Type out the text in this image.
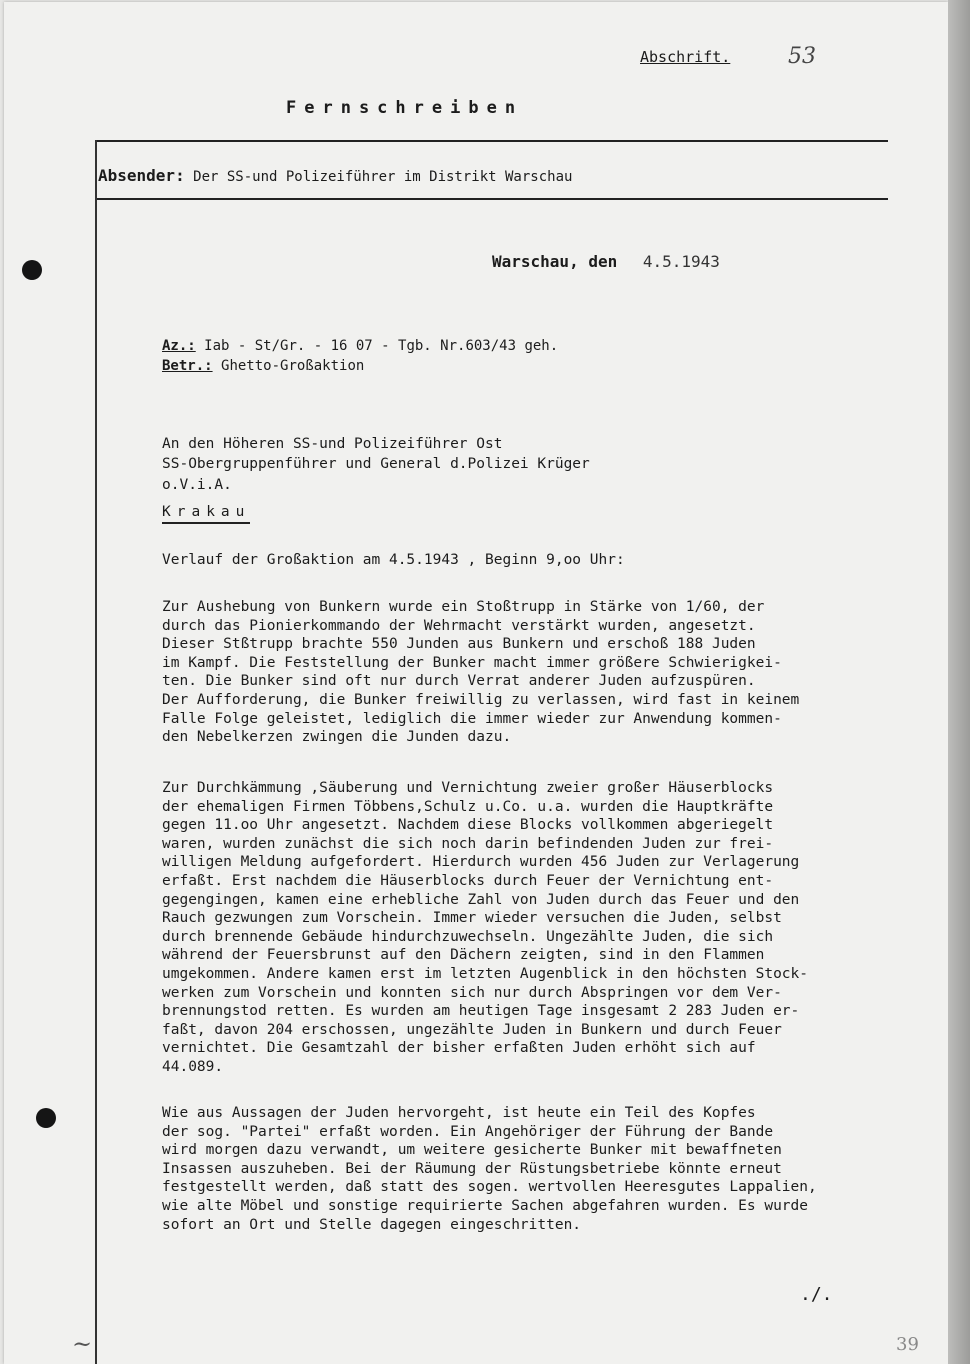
Abschrift.	53
Fernschreiben
Absender: Der SS-und Polizeiführer im Distrikt Warschau
Warschau, den 4.5.1943
Az.: Iab - St/Gr. - 16 07 - Tgb. Nr.603/43 geh.
Betr.: Ghetto-Großaktion
An den Höheren SS-und Polizeiführer Ost
SS-Obergruppenführer und General d.Polizei Krüger
o.V.i.A.
Krakau
Verlauf der Großaktion am 4.5.1943 , Beginn 9,oo Uhr:
Zur Aushebung von Bunkern wurde ein Stoßtrupp in Stärke von 1/60, der
durch das Pionierkommando der Wehrmacht verstärkt wurden, angesetzt.
Dieser Stßtrupp brachte 550 Junden aus Bunkern und erschoß 188 Juden
im Kampf. Die Feststellung der Bunker macht immer größere Schwierigkei-
ten. Die Bunker sind oft nur durch Verrat anderer Juden aufzuspüren.
Der Aufforderung, die Bunker freiwillig zu verlassen, wird fast in keinem
Falle Folge geleistet, lediglich die immer wieder zur Anwendung kommen-
den Nebelkerzen zwingen die Junden dazu.
Zur Durchkämmung ,Säuberung und Vernichtung zweier großer Häuserblocks
der ehemaligen Firmen Többens,Schulz u.Co. u.a. wurden die Hauptkräfte
gegen 11.oo Uhr angesetzt. Nachdem diese Blocks vollkommen abgeriegelt
waren, wurden zunächst die sich noch darin befindenden Juden zur frei-
willigen Meldung aufgefordert. Hierdurch wurden 456 Juden zur Verlagerung
erfaßt. Erst nachdem die Häuserblocks durch Feuer der Vernichtung ent-
gegengingen, kamen eine erhebliche Zahl von Juden durch das Feuer und den
Rauch gezwungen zum Vorschein. Immer wieder versuchen die Juden, selbst
durch brennende Gebäude hindurchzuwechseln. Ungezählte Juden, die sich
während der Feuersbrunst auf den Dächern zeigten, sind in den Flammen
umgekommen. Andere kamen erst im letzten Augenblick in den höchsten Stock-
werken zum Vorschein und konnten sich nur durch Abspringen vor dem Ver-
brennungstod retten. Es wurden am heutigen Tage insgesamt 2 283 Juden er-
faßt, davon 204 erschossen, ungezählte Juden in Bunkern und durch Feuer
vernichtet. Die Gesamtzahl der bisher erfaßten Juden erhöht sich auf
44.089.
Wie aus Aussagen der Juden hervorgeht, ist heute ein Teil des Kopfes
der sog. "Partei" erfaßt worden. Ein Angehöriger der Führung der Bande
wird morgen dazu verwandt, um weitere gesicherte Bunker mit bewaffneten
Insassen auszuheben. Bei der Räumung der Rüstungsbetriebe könnte erneut
festgestellt werden, daß statt des sogen. wertvollen Heeresgutes Lappalien,
wie alte Möbel und sonstige requirierte Sachen abgefahren wurden. Es wurde
sofort an Ort und Stelle dagegen eingeschritten.
./.
39
~
